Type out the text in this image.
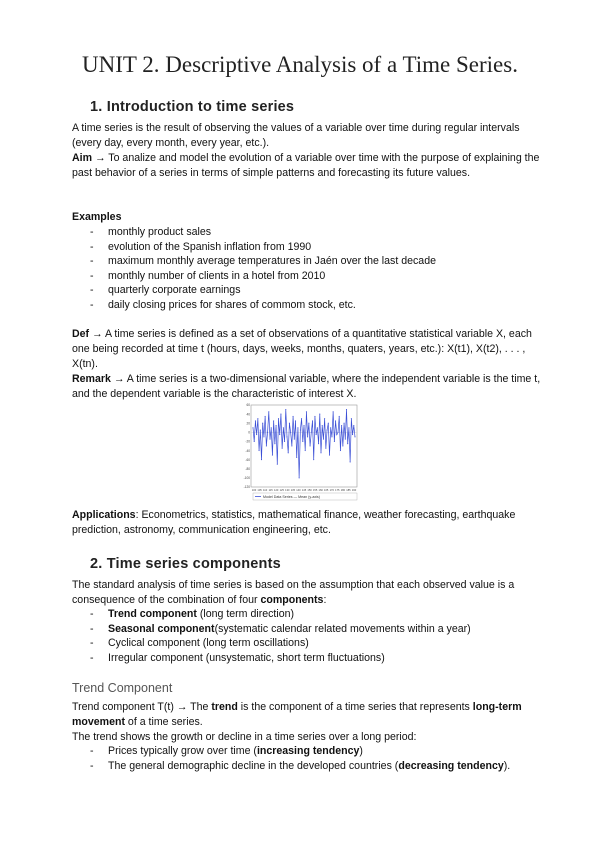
UNIT 2. Descriptive Analysis of a Time Series.
1. Introduction to time series
A time series is the result of observing the values of a variable over time during regular intervals (every day, every month, every year, etc.).
Aim → To analize and model the evolution of a variable over time with the purpose of explaining the past behavior of a series in terms of simple patterns and forecasting its future values.
Examples
- monthly product sales
- evolution of the Spanish inflation from 1990
- maximum monthly average temperatures in Jaén over the last decade
- monthly number of clients in a hotel from 2010
- quarterly corporate earnings
- daily closing prices for shares of commom stock, etc.
Def → A time series is defined as a set of observations of a quantitative statistical variable X, each one being recorded at time t (hours, days, weeks, months, quaters, years, etc.): X(t1), X(t2), . . . , X(tn).
Remark → A time series is a two-dimensional variable, where the independent variable is the time t, and the dependent variable is the characteristic of interest X.
60
40
20
0
-20
-40
-60
-80
-100
-120
100 105 110 115 120 125 130 135 140 145 150 155 160 165 170 175 180 185 190
Model Data Series — Mean (y-axis)
Applications: Econometrics, statistics, mathematical finance, weather forecasting, earthquake prediction, astronomy, communication engineering, etc.
2. Time series components
The standard analysis of time series is based on the assumption that each observed value is a consequence of the combination of four components:
- Trend component (long term direction)
- Seasonal component(systematic calendar related movements within a year)
- Cyclical component (long term oscillations)
- Irregular component (unsystematic, short term fluctuations)
Trend Component
Trend component T(t) → The trend is the component of a time series that represents long-term movement of a time series.
The trend shows the growth or decline in a time series over a long period:
- Prices typically grow over time (increasing tendency)
- The general demographic decline in the developed countries (decreasing tendency).
